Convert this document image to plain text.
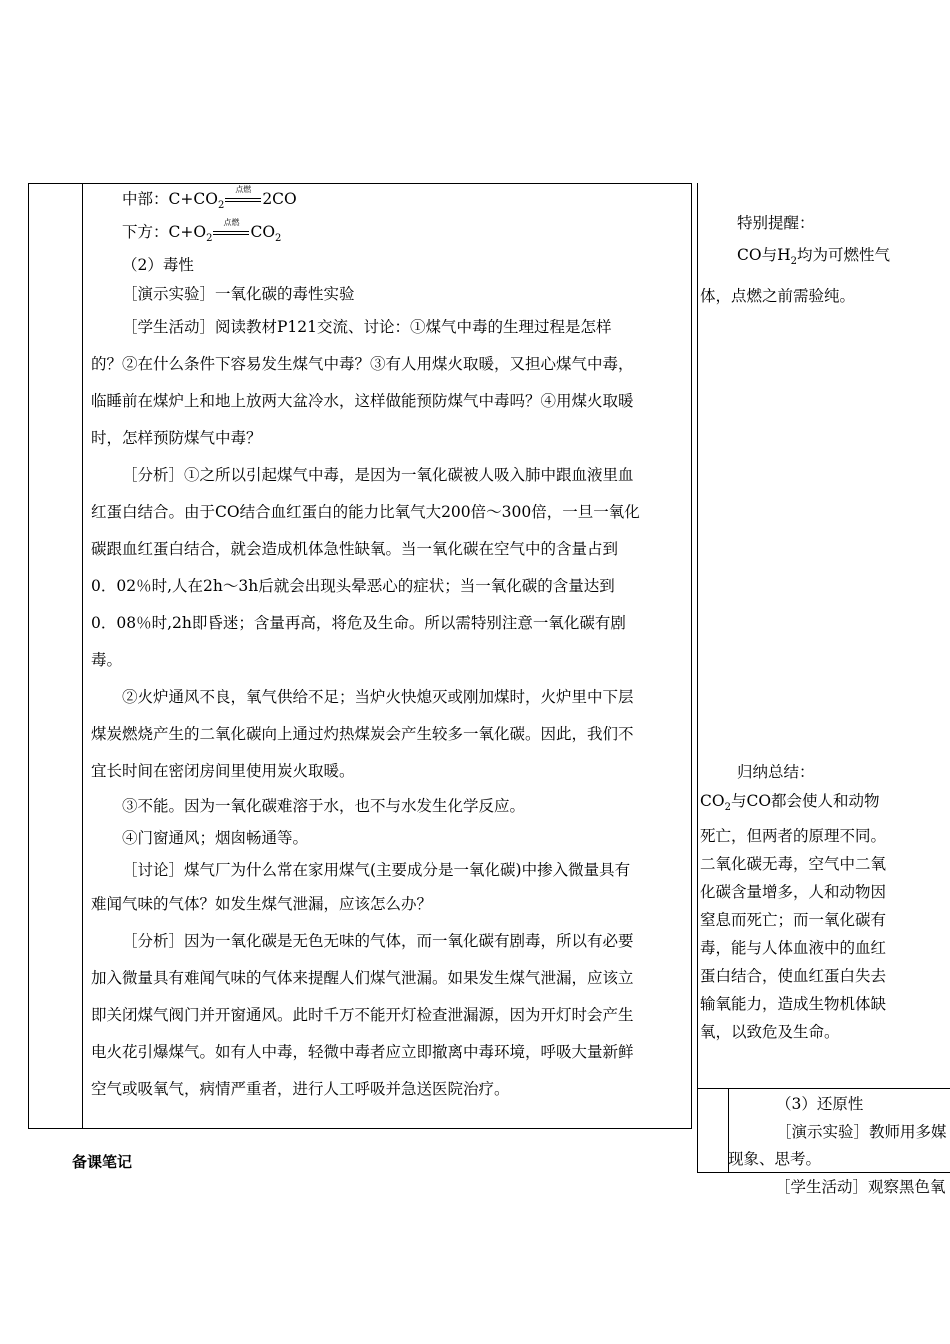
中部：$C+CO_2$
点燃
2CO

下方：$C+O_2$
点燃
$CO_2$

（2）毒性

［演示实验］一氧化碳的毒性实验

［学生活动］阅读教材P121交流、讨论：①煤气中毒的生理过程是怎样

的？②在什么条件下容易发生煤气中毒？③有人用煤火取暖，又担心煤气中毒，

临睡前在煤炉上和地上放两大盆冷水，这样做能预防煤气中毒吗？④用煤火取暖

时，怎样预防煤气中毒？

［分析］①之所以引起煤气中毒，是因为一氧化碳被人吸入肺中跟血液里血

红蛋白结合。由于CO结合血红蛋白的能力比氧气大200倍～300倍，一旦一氧化

碳跟血红蛋白结合，就会造成机体急性缺氧。当一氧化碳在空气中的含量占到

0．02％时,人在2h～3h后就会出现头晕恶心的症状；当一氧化碳的含量达到

0．08％时,2h即昏迷；含量再高，将危及生命。所以需特别注意一氧化碳有剧

毒。

②火炉通风不良，氧气供给不足；当炉火快熄灭或刚加煤时，火炉里中下层

煤炭燃烧产生的二氧化碳向上通过灼热煤炭会产生较多一氧化碳。因此，我们不

宜长时间在密闭房间里使用炭火取暖。

③不能。因为一氧化碳难溶于水，也不与水发生化学反应。

④门窗通风；烟囱畅通等。

［讨论］煤气厂为什么常在家用煤气(主要成分是一氧化碳)中掺入微量具有

难闻气味的气体？如发生煤气泄漏，应该怎么办？

［分析］因为一氧化碳是无色无味的气体，而一氧化碳有剧毒，所以有必要

加入微量具有难闻气味的气体来提醒人们煤气泄漏。如果发生煤气泄漏，应该立

即关闭煤气阀门并开窗通风。此时千万不能开灯检查泄漏源，因为开灯时会产生

电火花引爆煤气。如有人中毒，轻微中毒者应立即撤离中毒环境，呼吸大量新鲜

空气或吸氧气，病情严重者，进行人工呼吸并急送医院治疗。

特别提醒：

CO与$H_2$均为可燃性气

体，点燃之前需验纯。

归纳总结：

$CO_2$与CO都会使人和动物

死亡，但两者的原理不同。

二氧化碳无毒，空气中二氧

化碳含量增多，人和动物因

窒息而死亡；而一氧化碳有

毒，能与人体血液中的血红

蛋白结合，使血红蛋白失去

输氧能力，造成生物机体缺

氧，以致危及生命。

（3）还原性

［演示实验］教师用多媒

现象、思考。

［学生活动］观察黑色氧
备课笔记
